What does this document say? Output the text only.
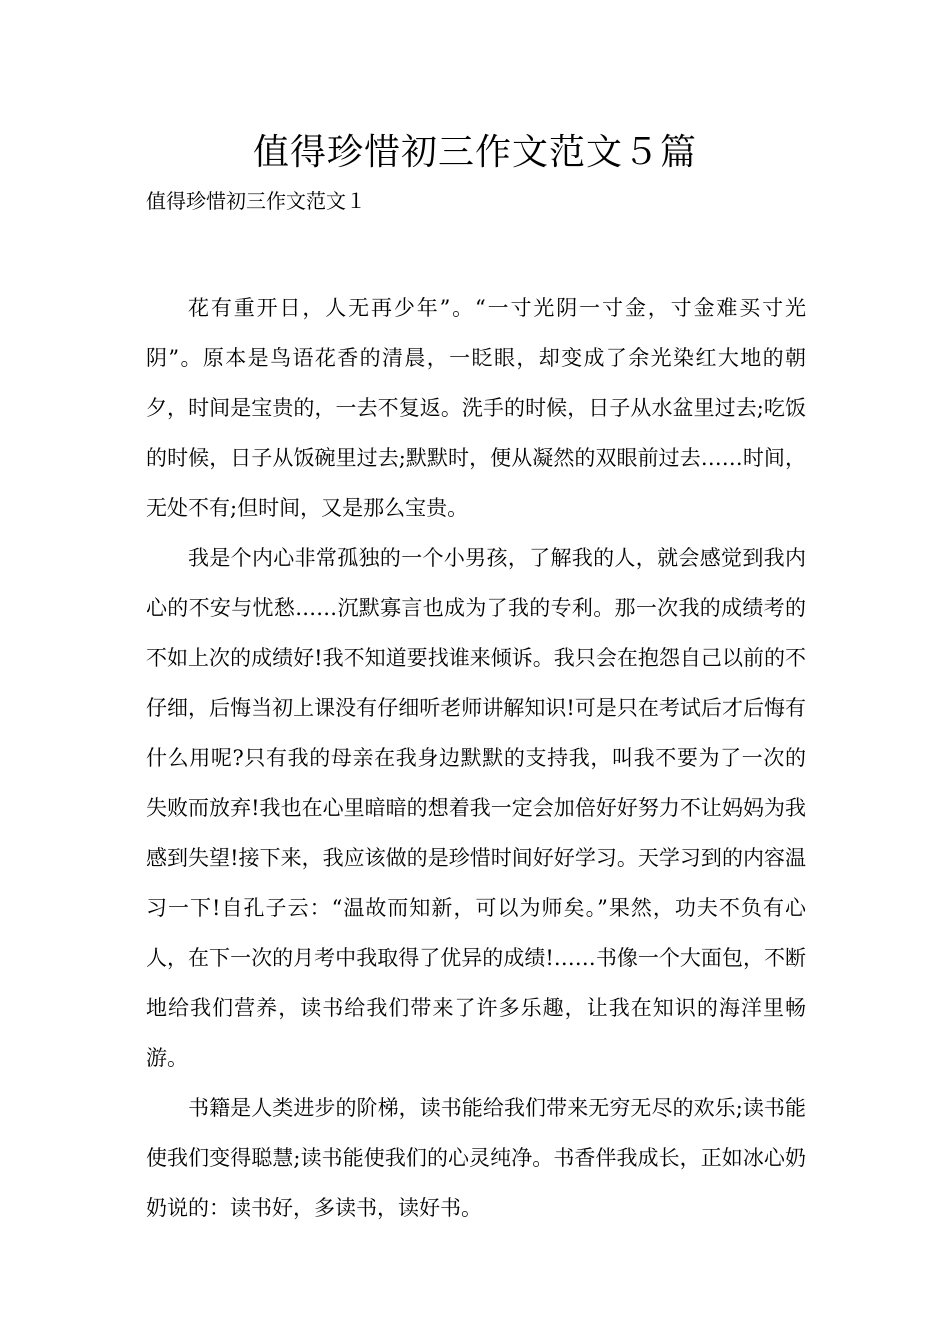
值得珍惜初三作文范文５篇
值得珍惜初三作文范文１

花有重开日，人无再少年”。“一寸光阴一寸金，寸金难买寸光阴”。原本是鸟语花香的清晨，一眨眼，却变成了余光染红大地的朝夕，时间是宝贵的，一去不复返。洗手的时候，日子从水盆里过去;吃饭的时候，日子从饭碗里过去;默默时，便从凝然的双眼前过去……时间，无处不有;但时间，又是那么宝贵。

我是个内心非常孤独的一个小男孩，了解我的人，就会感觉到我内心的不安与忧愁……沉默寡言也成为了我的专利。那一次我的成绩考的不如上次的成绩好!我不知道要找谁来倾诉。我只会在抱怨自己以前的不仔细，后悔当初上课没有仔细听老师讲解知识!可是只在考试后才后悔有什么用呢?只有我的母亲在我身边默默的支持我，叫我不要为了一次的失败而放弃!我也在心里暗暗的想着我一定会加倍好好努力不让妈妈为我感到失望!接下来，我应该做的是珍惜时间好好学习。天学习到的内容温习一下!自孔子云：“温故而知新，可以为师矣。”果然，功夫不负有心人，在下一次的月考中我取得了优异的成绩!……书像一个大面包，不断地给我们营养，读书给我们带来了许多乐趣，让我在知识的海洋里畅游。

书籍是人类进步的阶梯，读书能给我们带来无穷无尽的欢乐;读书能使我们变得聪慧;读书能使我们的心灵纯净。书香伴我成长，正如冰心奶奶说的：读书好，多读书，读好书。
